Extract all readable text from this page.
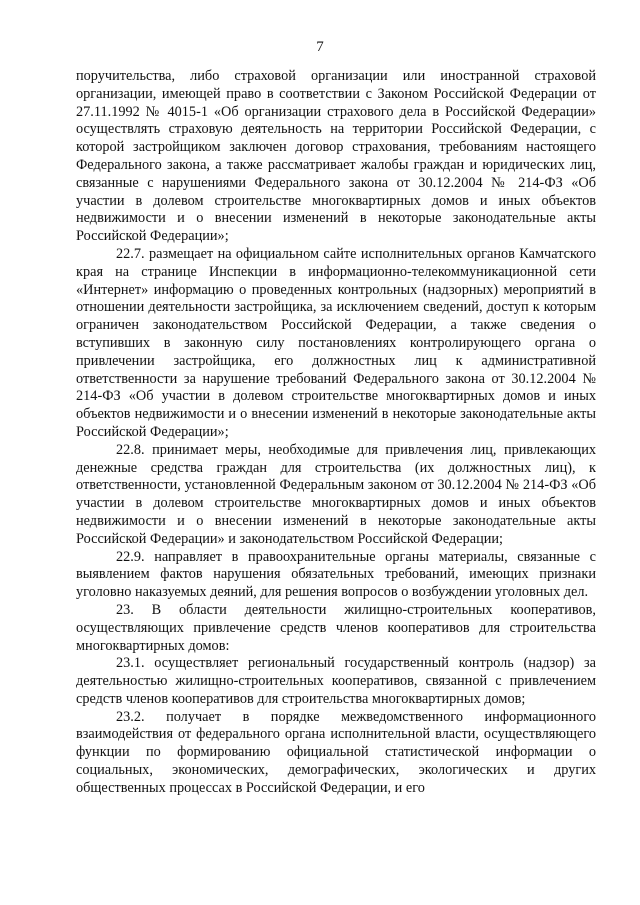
7

поручительства, либо страховой организации или иностранной страховой организации, имеющей право в соответствии с Законом Российской Федерации от 27.11.1992 № 4015-1 «Об организации страхового дела в Российской Федерации» осуществлять страховую деятельность на территории Российской Федерации, с которой застройщиком заключен договор страхования, требованиям настоящего Федерального закона, а также рассматривает жалобы граждан и юридических лиц, связанные с нарушениями Федерального закона от 30.12.2004 № 214-ФЗ «Об участии в долевом строительстве многоквартирных домов и иных объектов недвижимости и о внесении изменений в некоторые законодательные акты Российской Федерации»;

22.7. размещает на официальном сайте исполнительных органов Камчатского края на странице Инспекции в информационно-телекоммуникационной сети «Интернет» информацию о проведенных контрольных (надзорных) мероприятий в отношении деятельности застройщика, за исключением сведений, доступ к которым ограничен законодательством Российской Федерации, а также сведения о вступивших в законную силу постановлениях контролирующего органа о привлечении застройщика, его должностных лиц к административной ответственности за нарушение требований Федерального закона от 30.12.2004 № 214-ФЗ «Об участии в долевом строительстве многоквартирных домов и иных объектов недвижимости и о внесении изменений в некоторые законодательные акты Российской Федерации»;

22.8. принимает меры, необходимые для привлечения лиц, привлекающих денежные средства граждан для строительства (их должностных лиц), к ответственности, установленной Федеральным законом от 30.12.2004 № 214-ФЗ «Об участии в долевом строительстве многоквартирных домов и иных объектов недвижимости и о внесении изменений в некоторые законодательные акты Российской Федерации» и законодательством Российской Федерации;

22.9. направляет в правоохранительные органы материалы, связанные с выявлением фактов нарушения обязательных требований, имеющих признаки уголовно наказуемых деяний, для решения вопросов о возбуждении уголовных дел.

23. В области деятельности жилищно-строительных кооперативов, осуществляющих привлечение средств членов кооперативов для строительства многоквартирных домов:

23.1. осуществляет региональный государственный контроль (надзор) за деятельностью жилищно-строительных кооперативов, связанной с привлечением средств членов кооперативов для строительства многоквартирных домов;

23.2. получает в порядке межведомственного информационного взаимодействия от федерального органа исполнительной власти, осуществляющего функции по формированию официальной статистической информации о социальных, экономических, демографических, экологических и других общественных процессах в Российской Федерации, и его
